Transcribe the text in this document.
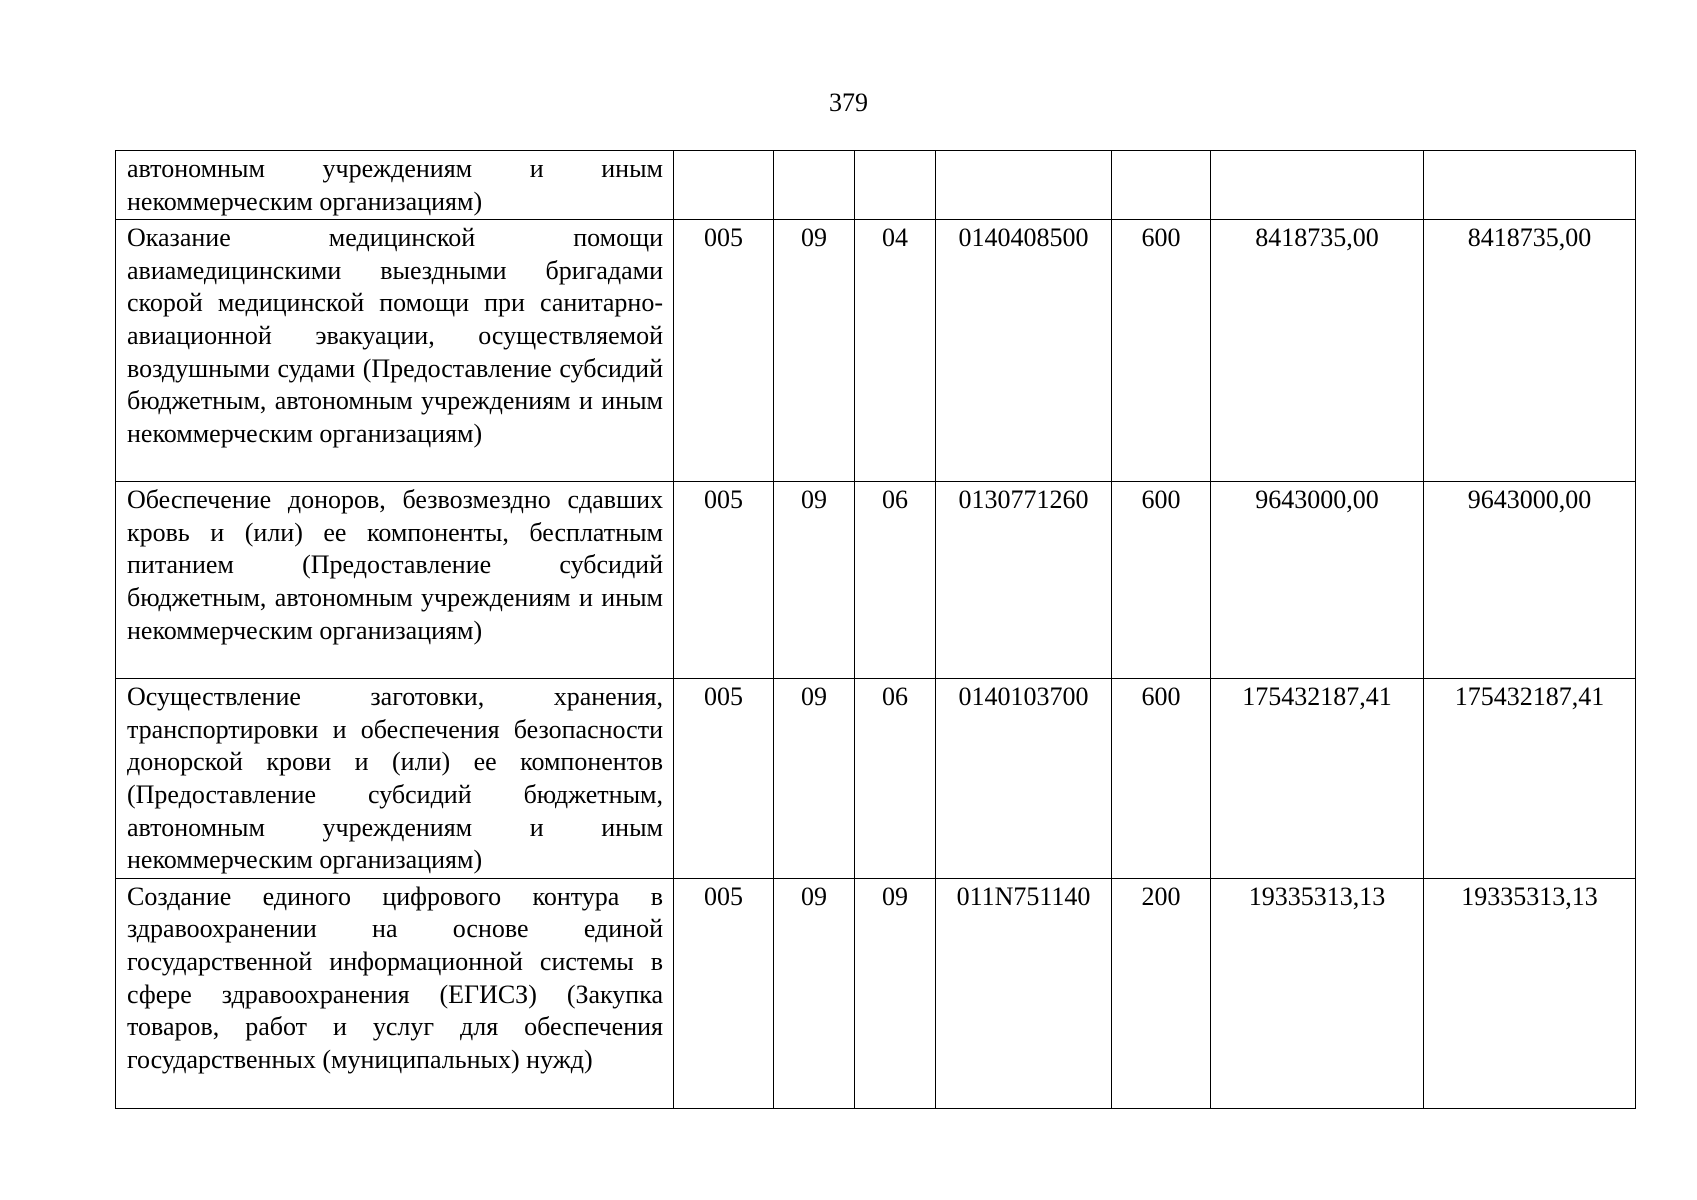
379
автономным учреждениям и иным некоммерческим организациям)							
Оказание медицинской помощи авиамедицинскими выездными бригадами скорой медицинской помощи при санитарно-авиационной эвакуации, осуществляемой воздушными судами (Предоставление субсидий бюджетным, автономным учреждениям и иным некоммерческим организациям)	005	09	04	0140408500	600	8418735,00	8418735,00
Обеспечение доноров, безвозмездно сдавших кровь и (или) ее компоненты, бесплатным питанием (Предоставление субсидий бюджетным, автономным учреждениям и иным некоммерческим организациям)	005	09	06	0130771260	600	9643000,00	9643000,00
Осуществление заготовки, хранения, транспортировки и обеспечения безопасности донорской крови и (или) ее компонентов (Предоставление субсидий бюджетным, автономным учреждениям и иным некоммерческим организациям)	005	09	06	0140103700	600	175432187,41	175432187,41
Создание единого цифрового контура в здравоохранении на основе единой государственной информационной системы в сфере здравоохранения (ЕГИСЗ) (Закупка товаров, работ и услуг для обеспечения государственных (муниципальных) нужд)	005	09	09	011N751140	200	19335313,13	19335313,13
